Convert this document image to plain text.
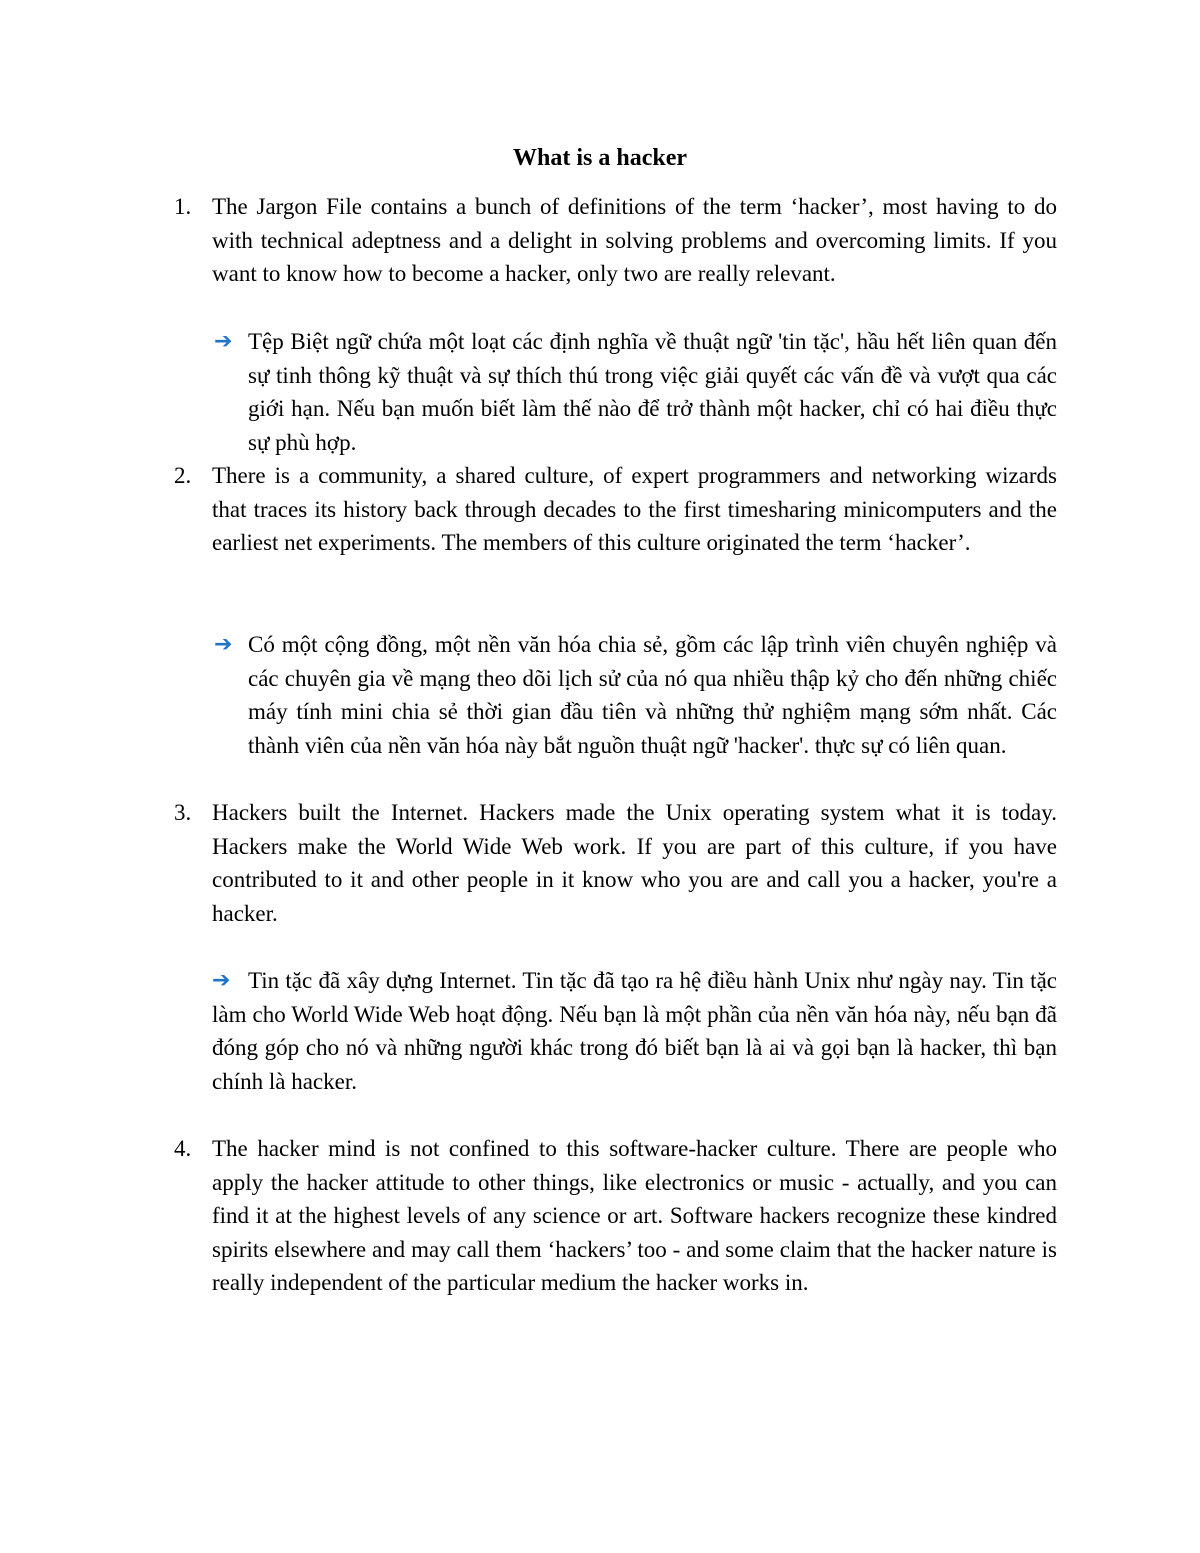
What is a hacker
1. The Jargon File contains a bunch of definitions of the term ‘hacker’, most having to do with technical adeptness and a delight in solving problems and overcoming limits. If you want to know how to become a hacker, only two are really relevant.

➔ Tệp Biệt ngữ chứa một loạt các định nghĩa về thuật ngữ 'tin tặc', hầu hết liên quan đến sự tinh thông kỹ thuật và sự thích thú trong việc giải quyết các vấn đề và vượt qua các giới hạn. Nếu bạn muốn biết làm thế nào để trở thành một hacker, chỉ có hai điều thực sự phù hợp.
2. There is a community, a shared culture, of expert programmers and networking wizards that traces its history back through decades to the first timesharing minicomputers and the earliest net experiments. The members of this culture originated the term ‘hacker’.

➔ Có một cộng đồng, một nền văn hóa chia sẻ, gồm các lập trình viên chuyên nghiệp và các chuyên gia về mạng theo dõi lịch sử của nó qua nhiều thập kỷ cho đến những chiếc máy tính mini chia sẻ thời gian đầu tiên và những thử nghiệm mạng sớm nhất. Các thành viên của nền văn hóa này bắt nguồn thuật ngữ 'hacker'. thực sự có liên quan.
3. Hackers built the Internet. Hackers made the Unix operating system what it is today. Hackers make the World Wide Web work. If you are part of this culture, if you have contributed to it and other people in it know who you are and call you a hacker, you're a hacker.

➔ Tin tặc đã xây dựng Internet. Tin tặc đã tạo ra hệ điều hành Unix như ngày nay. Tin tặc làm cho World Wide Web hoạt động. Nếu bạn là một phần của nền văn hóa này, nếu bạn đã đóng góp cho nó và những người khác trong đó biết bạn là ai và gọi bạn là hacker, thì bạn chính là hacker.
4. The hacker mind is not confined to this software-hacker culture. There are people who apply the hacker attitude to other things, like electronics or music - actually, and you can find it at the highest levels of any science or art. Software hackers recognize these kindred spirits elsewhere and may call them ‘hackers’ too - and some claim that the hacker nature is really independent of the particular medium the hacker works in.
